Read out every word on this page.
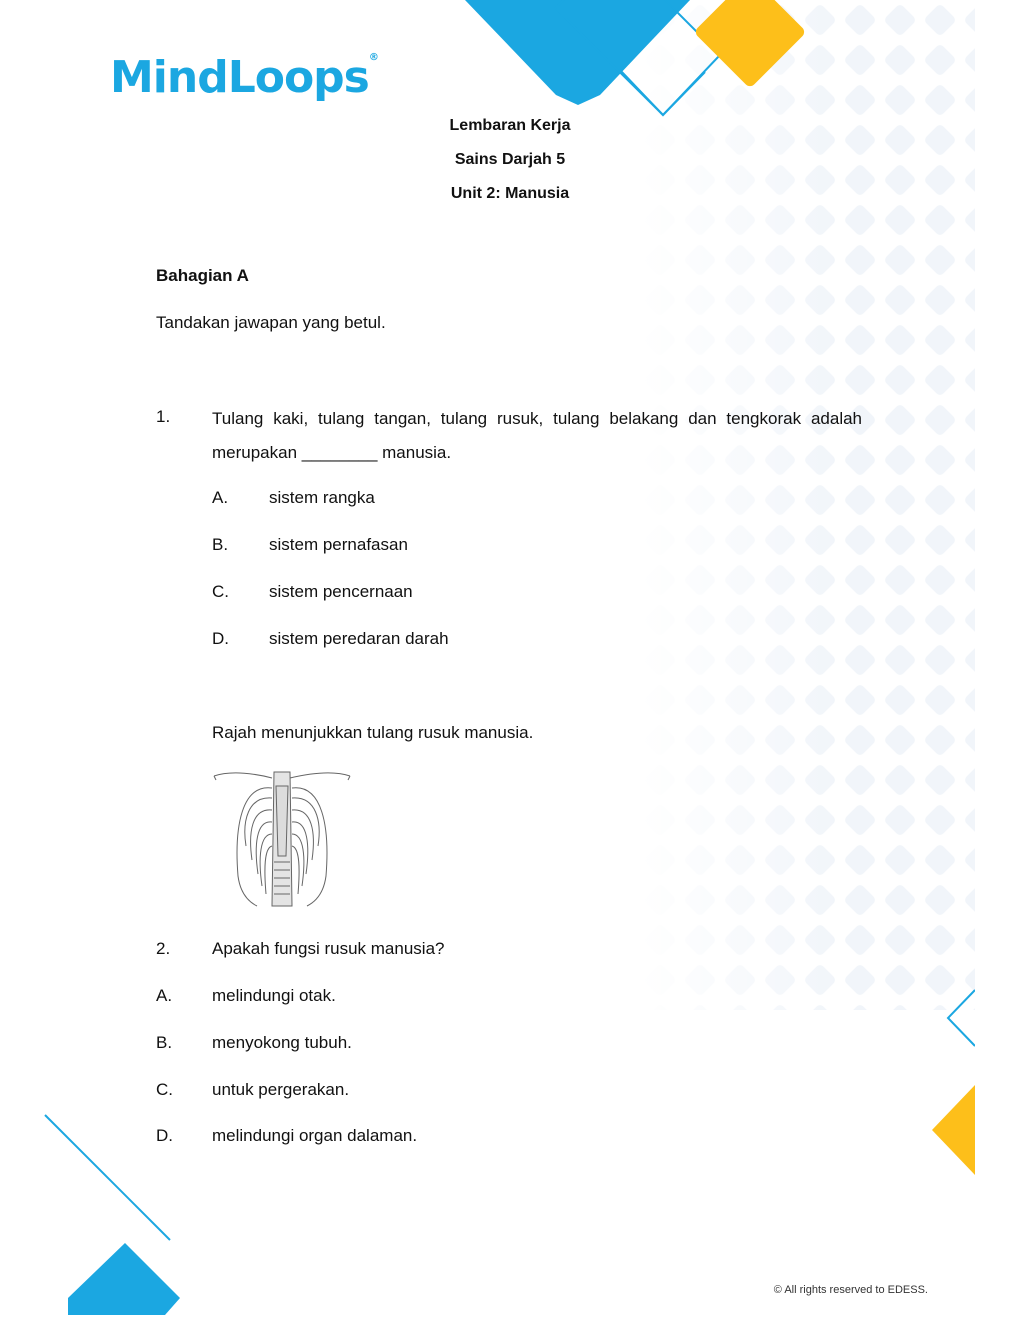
MindLoops®
Lembaran Kerja
Sains Darjah 5
Unit 2: Manusia
Bahagian A
Tandakan jawapan yang betul.
1. Tulang kaki, tulang tangan, tulang rusuk, tulang belakang dan tengkorak adalah merupakan ________ manusia.
A. sistem rangka
B. sistem pernafasan
C. sistem pencernaan
D. sistem peredaran darah
Rajah menunjukkan tulang rusuk manusia.
2. Apakah fungsi rusuk manusia?
A. melindungi otak.
B. menyokong tubuh.
C. untuk pergerakan.
D. melindungi organ dalaman.
© All rights reserved to EDESS.
